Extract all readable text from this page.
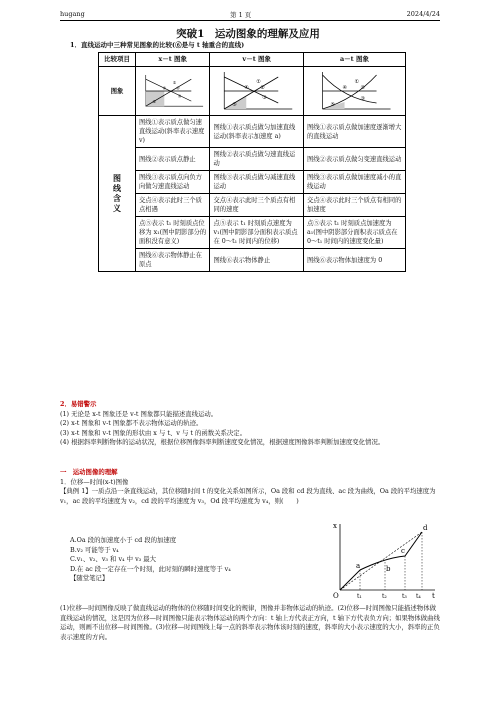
hugang	第 1 页	2024/4/24
突破1　运动图象的理解及应用
1．直线运动中三种常见图象的比较(⑥是与 t 轴重合的直线)
比较项目	x－t 图象	v－t 图象	a－t 图象
图象	①
②
③
④
⑤	①
②
③
④
⑤	①
②
③
④
⑤

图线含义	图线①表示质点做匀速直线运动(斜率表示速度 v)	图线①表示质点做匀加速直线运动(斜率表示加速度 a)	图线①表示质点做加速度逐渐增大的直线运动
	图线②表示质点静止	图线②表示质点做匀速直线运动	图线②表示质点做匀变速直线运动
	图线③表示质点向负方向做匀速直线运动	图线③表示质点做匀减速直线运动	图线③表示质点做加速度减小的直线运动
	交点④表示此时三个质点相遇	交点④表示此时三个质点有相同的速度	交点④表示此时三个质点有相同的加速度
	点⑤表示 t₁ 时刻质点位移为 x₁(图中阴影部分的面积没有意义)	点⑤表示 t₁ 时刻质点速度为 v₁(图中阴影部分面积表示质点在 0～t₁ 时间内的位移)	点⑤表示 t₁ 时刻质点加速度为 a₁(图中阴影部分面积表示质点在 0～t₁ 时间内的速度变化量)
	图线⑥表示物体静止在原点	图线⑥表示物体静止	图线⑥表示物体加速度为 0
2．易错警示
(1) 无论是 x-t 图象还是 v-t 图象都只能描述直线运动。
(2) x-t 图象和 v-t 图象都不表示物体运动的轨迹。
(3) x-t 图象和 v-t 图象的形状由 x 与 t、v 与 t 的函数关系决定。
(4) 根据斜率判断物体的运动状况，根据位移图像斜率判断速度变化情况，根据速度图像斜率判断加速度变化情况。
一　运动图像的理解
1．位移—时间(x-t)图像
【典例 1】一质点沿一条直线运动，其位移随时间 t 的变化关系如图所示，Oa 段和 cd 段为直线、ac 段为曲线，Oa 段的平均速度为 v₁，ac 段的平均速度为 v₂，cd 段的平均速度为 v₃，Od 段平均速度为 v₄，则(　　)
A.Oa 段的加速度小于 cd 段的加速度
B.v₂ 可能等于 v₄
C.v₁、v₂、v₃ 和 v₄ 中 v₃ 最大
D.在 ac 段一定存在一个时刻，此时刻的瞬时速度等于 v₄
【随堂笔记】
x
t
O
a	b
c
d
t₁	t₂	t₃ t₄
(1)位移—时间图像反映了做直线运动的物体的位移随时间变化的规律，图像并非物体运动的轨迹。(2)位移—时间图像只能描述物体做直线运动的情况，这是因为位移—时间图像只能表示物体运动的两个方向：t 轴上方代表正方向，t 轴下方代表负方向；如果物体做曲线运动，则画不出位移—时间图像。(3)位移—时间图线上每一点的斜率表示物体该时刻的速度，斜率的大小表示速度的大小，斜率的正负表示速度的方向。
